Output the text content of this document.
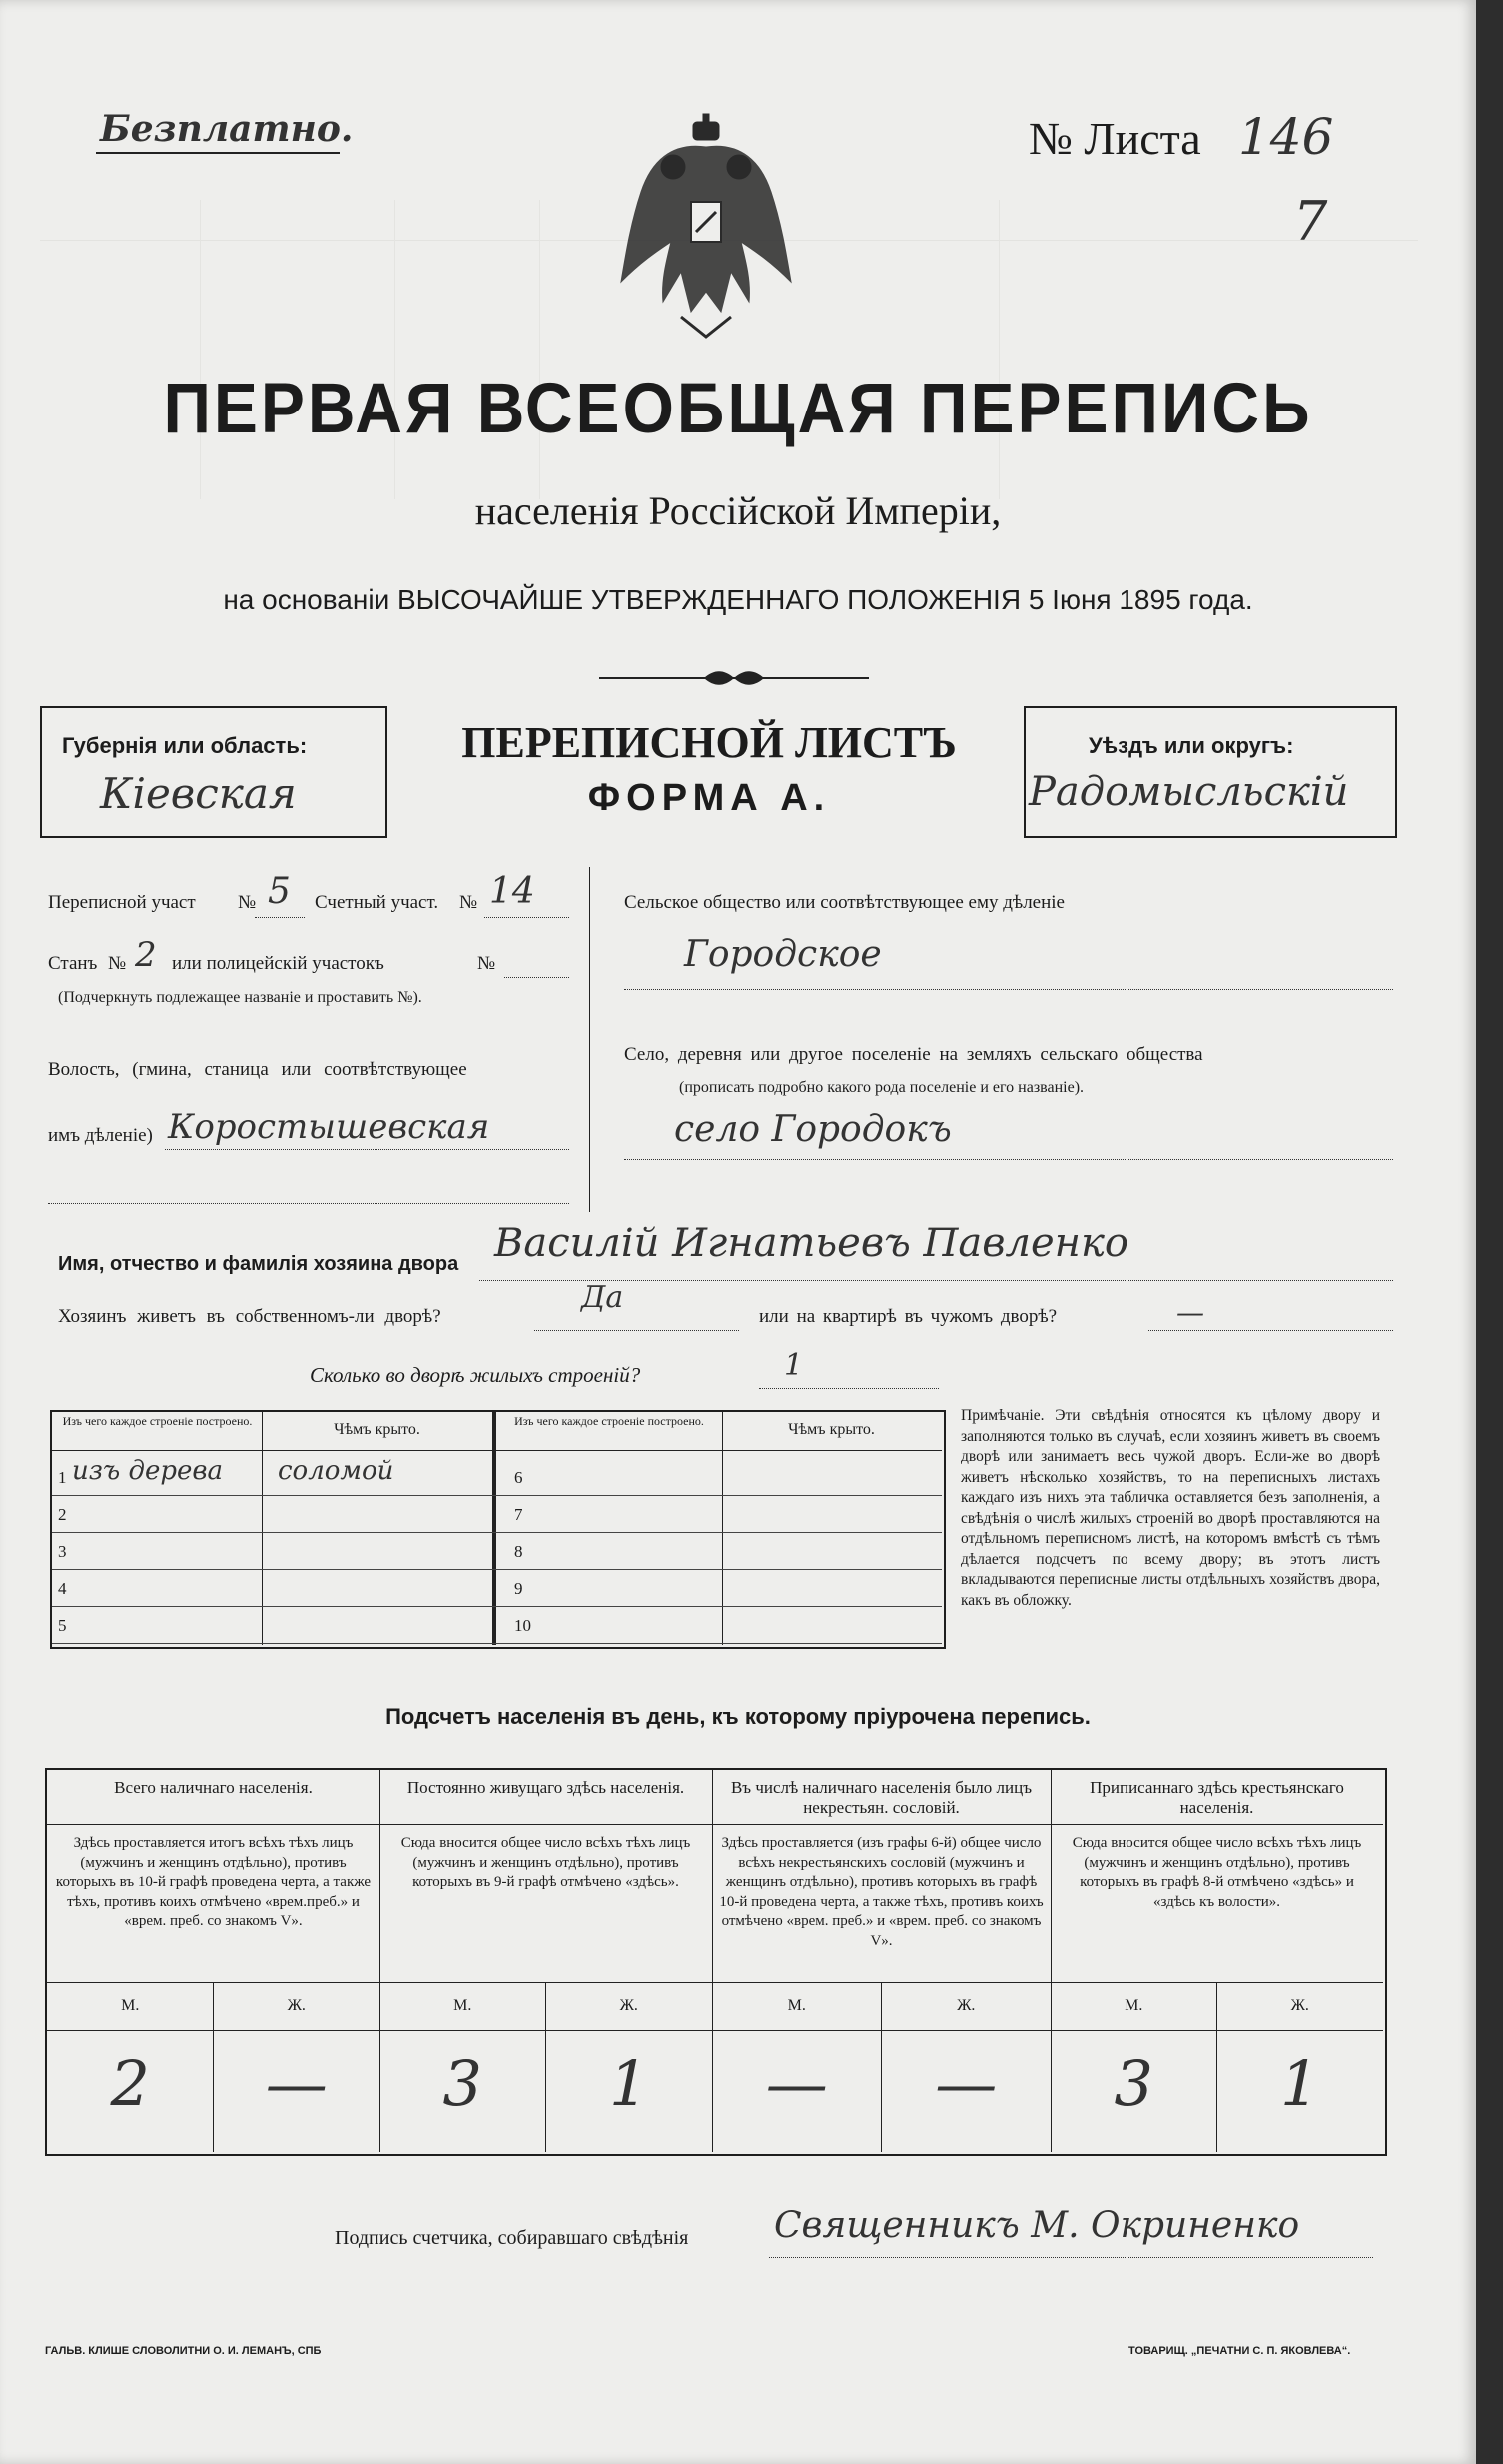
Безплатно.	№ Листа 146
7
ПЕРВАЯ ВСЕОБЩАЯ ПЕРЕПИСЬ
населенія Россійской Имперіи,
на основаніи ВЫСОЧАЙШЕ УТВЕРЖДЕННАГО ПОЛОЖЕНІЯ 5 Іюня 1895 года.
Губернія или область:
Кіевская
ПЕРЕПИСНОЙ ЛИСТЪ
ФОРМА А.
Уѣздъ или округъ:
Радомысльскій
Переписной участ № 5 Счетный участ. № 14
Станъ № 2 или полицейскій участокъ	№
(Подчеркнуть подлежащее названіе и проставить №).
Волость, (гмина, станица или соотвѣтствующее
имъ дѣленіе) Коростышевская
Сельское общество или соотвѣтствующее ему дѣленіе
Городское
Село, деревня или другое поселеніе на земляхъ сельскаго общества
(прописать подробно какого рода поселеніе и его названіе).
село Городокъ
Имя, отчество и фамилія хозяина двора Василій Игнатьевъ Павленко
Хозяинъ живетъ въ собственномъ-ли дворѣ?
Да
или на квартирѣ въ чужомъ дворѣ?	—
Сколько во дворѣ жилыхъ строеній?	1
Изъ чего каждое строеніе построено.	Чѣмъ крыто.	Изъ чего каждое строеніе построено.	Чѣмъ крыто.
1 изъ дерева соломой	6
2	7
3	8
4	9
5	10
Примѣчаніе. Эти свѣдѣнія относятся къ цѣлому двору и заполняются только въ случаѣ, если хозяинъ живетъ въ своемъ дворѣ или занимаетъ весь чужой дворъ. Если-же во дворѣ живетъ нѣсколько хозяйствъ, то на переписныхъ листахъ каждаго изъ нихъ эта табличка оставляется безъ заполненія, а свѣдѣнія о числѣ жилыхъ строеній во дворѣ проставляются на отдѣльномъ переписномъ листѣ, на которомъ вмѣстѣ съ тѣмъ дѣлается подсчетъ по всему двору; въ этотъ листъ вкладываются переписные листы отдѣльныхъ хозяйствъ двора, какъ въ обложку.
Подсчетъ населенія въ день, къ которому пріурочена перепись.
Всего наличнаго населенія.
Здѣсь проставляется итогъ всѣхъ тѣхъ лицъ (мужчинъ и женщинъ отдѣльно), противъ которыхъ въ 10-й графѣ проведена черта, а также тѣхъ, противъ коихъ отмѣчено «врем.преб.» и «врем. преб. со знакомъ V».
М.	Ж.
2	—
Постоянно живущаго здѣсь населенія.
Сюда вносится общее число всѣхъ тѣхъ лицъ (мужчинъ и женщинъ отдѣльно), противъ которыхъ въ 9-й графѣ отмѣчено «здѣсь».
М.	Ж.
3	1
Въ числѣ наличнаго населенія было лицъ некрестьян. сословій.
Здѣсь проставляется (изъ графы 6-й) общее число всѣхъ некрестьянскихъ сословій (мужчинъ и женщинъ отдѣльно), противъ которыхъ въ графѣ 10-й проведена черта, а также тѣхъ, противъ коихъ отмѣчено «врем. преб.» и «врем. преб. со знакомъ V».
М.	Ж.
—	—
Приписаннаго здѣсь крестьянскаго населенія.
Сюда вносится общее число всѣхъ тѣхъ лицъ (мужчинъ и женщинъ отдѣльно), противъ которыхъ въ графѣ 8-й отмѣчено «здѣсь» и «здѣсь къ волости».
М.	Ж.
3	1
Подпись счетчика, собиравшаго свѣдѣнія Священникъ М. Окриненко
ГАЛЬВ. КЛИШЕ СЛОВОЛИТНИ О. И. ЛЕМАНЪ, СПБ	ТОВАРИЩ. „ПЕЧАТНИ С. П. ЯКОВЛЕВА“.
